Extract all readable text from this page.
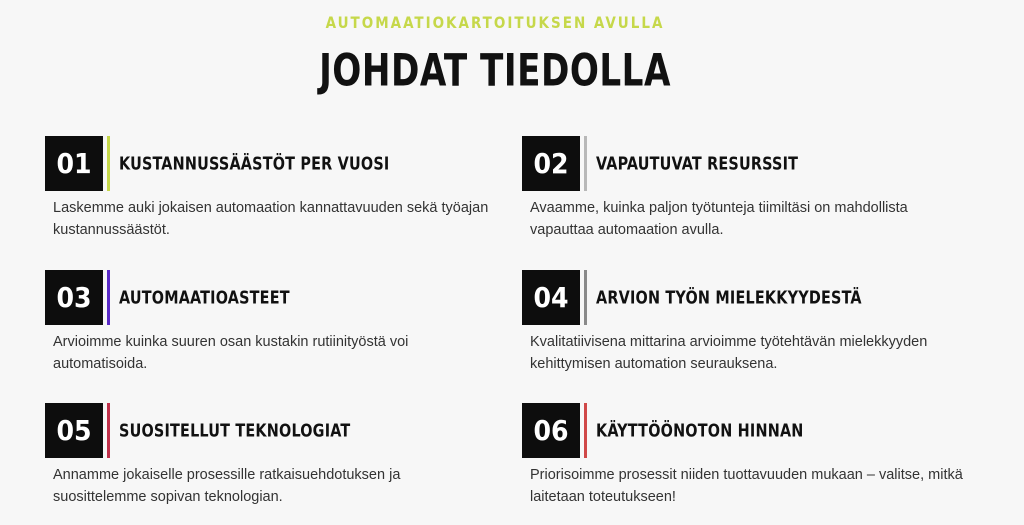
AUTOMAATIOKARTOITUKSEN AVULLA
JOHDAT TIEDOLLA
01	KUSTANNUSSÄÄSTÖT PER VUOSI
Laskemme auki jokaisen automaation kannattavuuden sekä työajan kustannussäästöt.
02	VAPAUTUVAT RESURSSIT
Avaamme, kuinka paljon työtunteja tiimiltäsi on mahdollista vapauttaa automaation avulla.
03	AUTOMAATIOASTEET
Arvioimme kuinka suuren osan kustakin rutiinityöstä voi automatisoida.
04	ARVION TYÖN MIELEKKYYDESTÄ
Kvalitatiivisena mittarina arvioimme työtehtävän mielekkyyden kehittymisen automation seurauksena.
05	SUOSITELLUT TEKNOLOGIAT
Annamme jokaiselle prosessille ratkaisuehdotuksen ja suosittelemme sopivan teknologian.
06	KÄYTTÖÖNOTON HINNAN
Priorisoimme prosessit niiden tuottavuuden mukaan – valitse, mitkä laitetaan toteutukseen!
